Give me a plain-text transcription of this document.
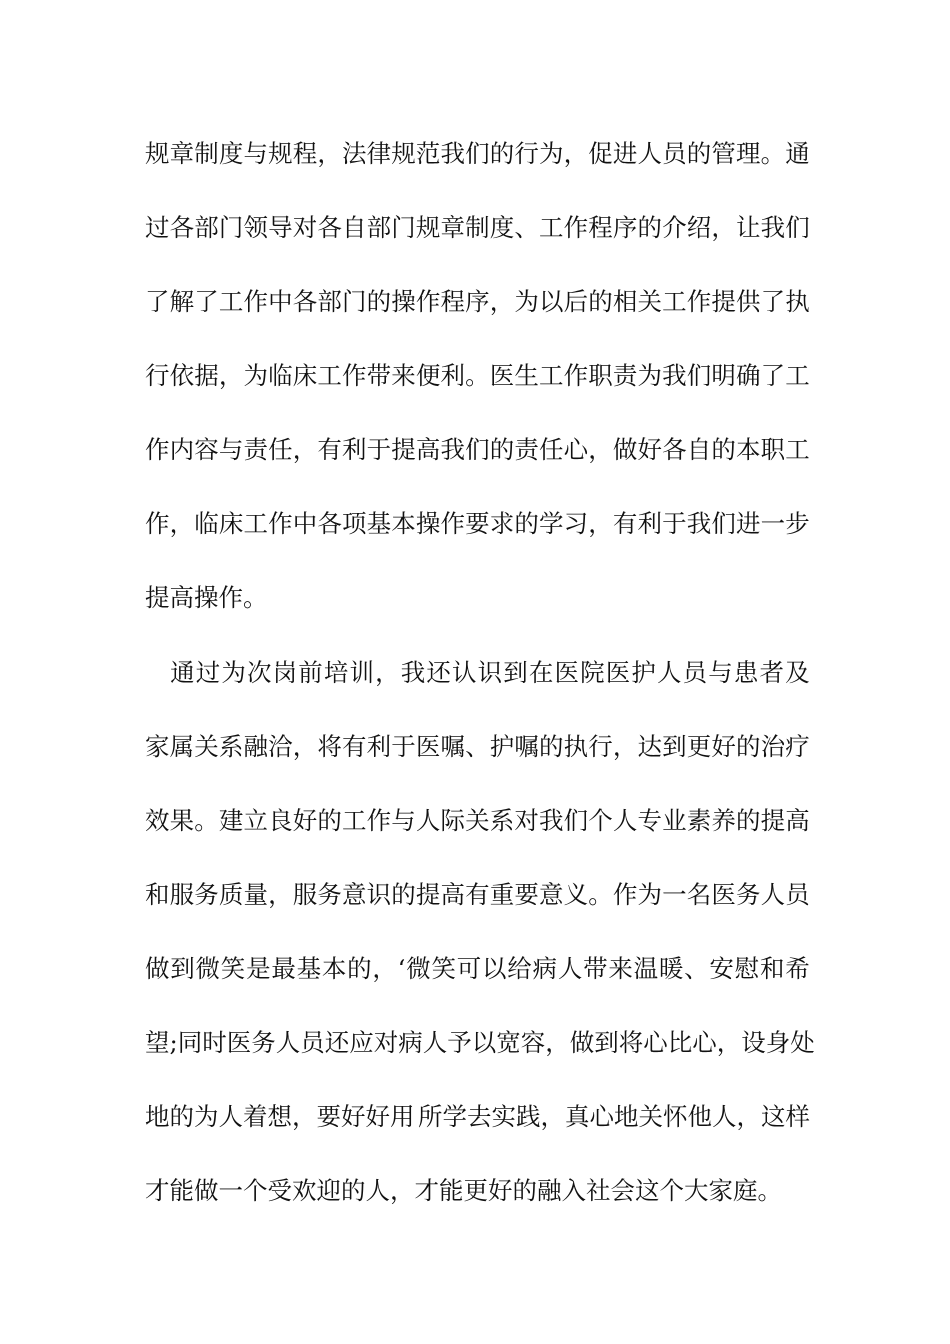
规 章 制 度 与 规 程 ， 法 律 规 范 我 们 的 行 为 ， 促 进 人 员 的 管 理 。 通
过 各 部 门 领 导 对 各 自 部 门 规 章 制 度 、 工 作 程 序 的 介 绍 ， 让 我 们
了 解 了 工 作 中 各 部 门 的 操 作 程 序 ， 为 以 后 的 相 关 工 作 提 供 了 执
行 依 据 ， 为 临 床 工 作 带 来 便 利 。 医 生 工 作 职 责 为 我 们 明 确 了 工
作 内 容 与 责 任 ， 有 利 于 提 高 我 们 的 责 任 心 ， 做 好 各 自 的 本 职 工
作 ， 临 床 工 作 中 各 项 基 本 操 作 要 求 的 学 习 ， 有 利 于 我 们 进 一 步
提 高 操 作 。
通 过 为 次 岗 前 培 训 ， 我 还 认 识 到 在 医 院 医 护 人 员 与 患 者 及
家 属 关 系 融 洽 ， 将 有 利 于 医 嘱 、 护 嘱 的 执 行 ， 达 到 更 好 的 治 疗
效 果 。 建 立 良 好 的 工 作 与 人 际 关 系 对 我 们 个 人 专 业 素 养 的 提 高
和 服 务 质 量 ， 服 务 意 识 的 提 高 有 重 要 意 义 。 作 为 一 名 医 务 人 员
做 到 微 笑 是 最 基 本 的 ， ‘ 微 笑 可 以 给 病 人 带 来 温 暖 、 安 慰 和 希
望 ; 同 时 医 务 人 员 还 应 对 病 人 予 以 宽 容 ， 做 到 将 心 比 心 ， 设 身 处
地 的 为 人 着 想 ， 要 好 好 用 所 学 去 实 践 ， 真 心 地 关 怀 他 人 ， 这 样
才 能 做 一 个 受 欢 迎 的 人 ， 才 能 更 好 的 融 入 社 会 这 个 大 家 庭 。
